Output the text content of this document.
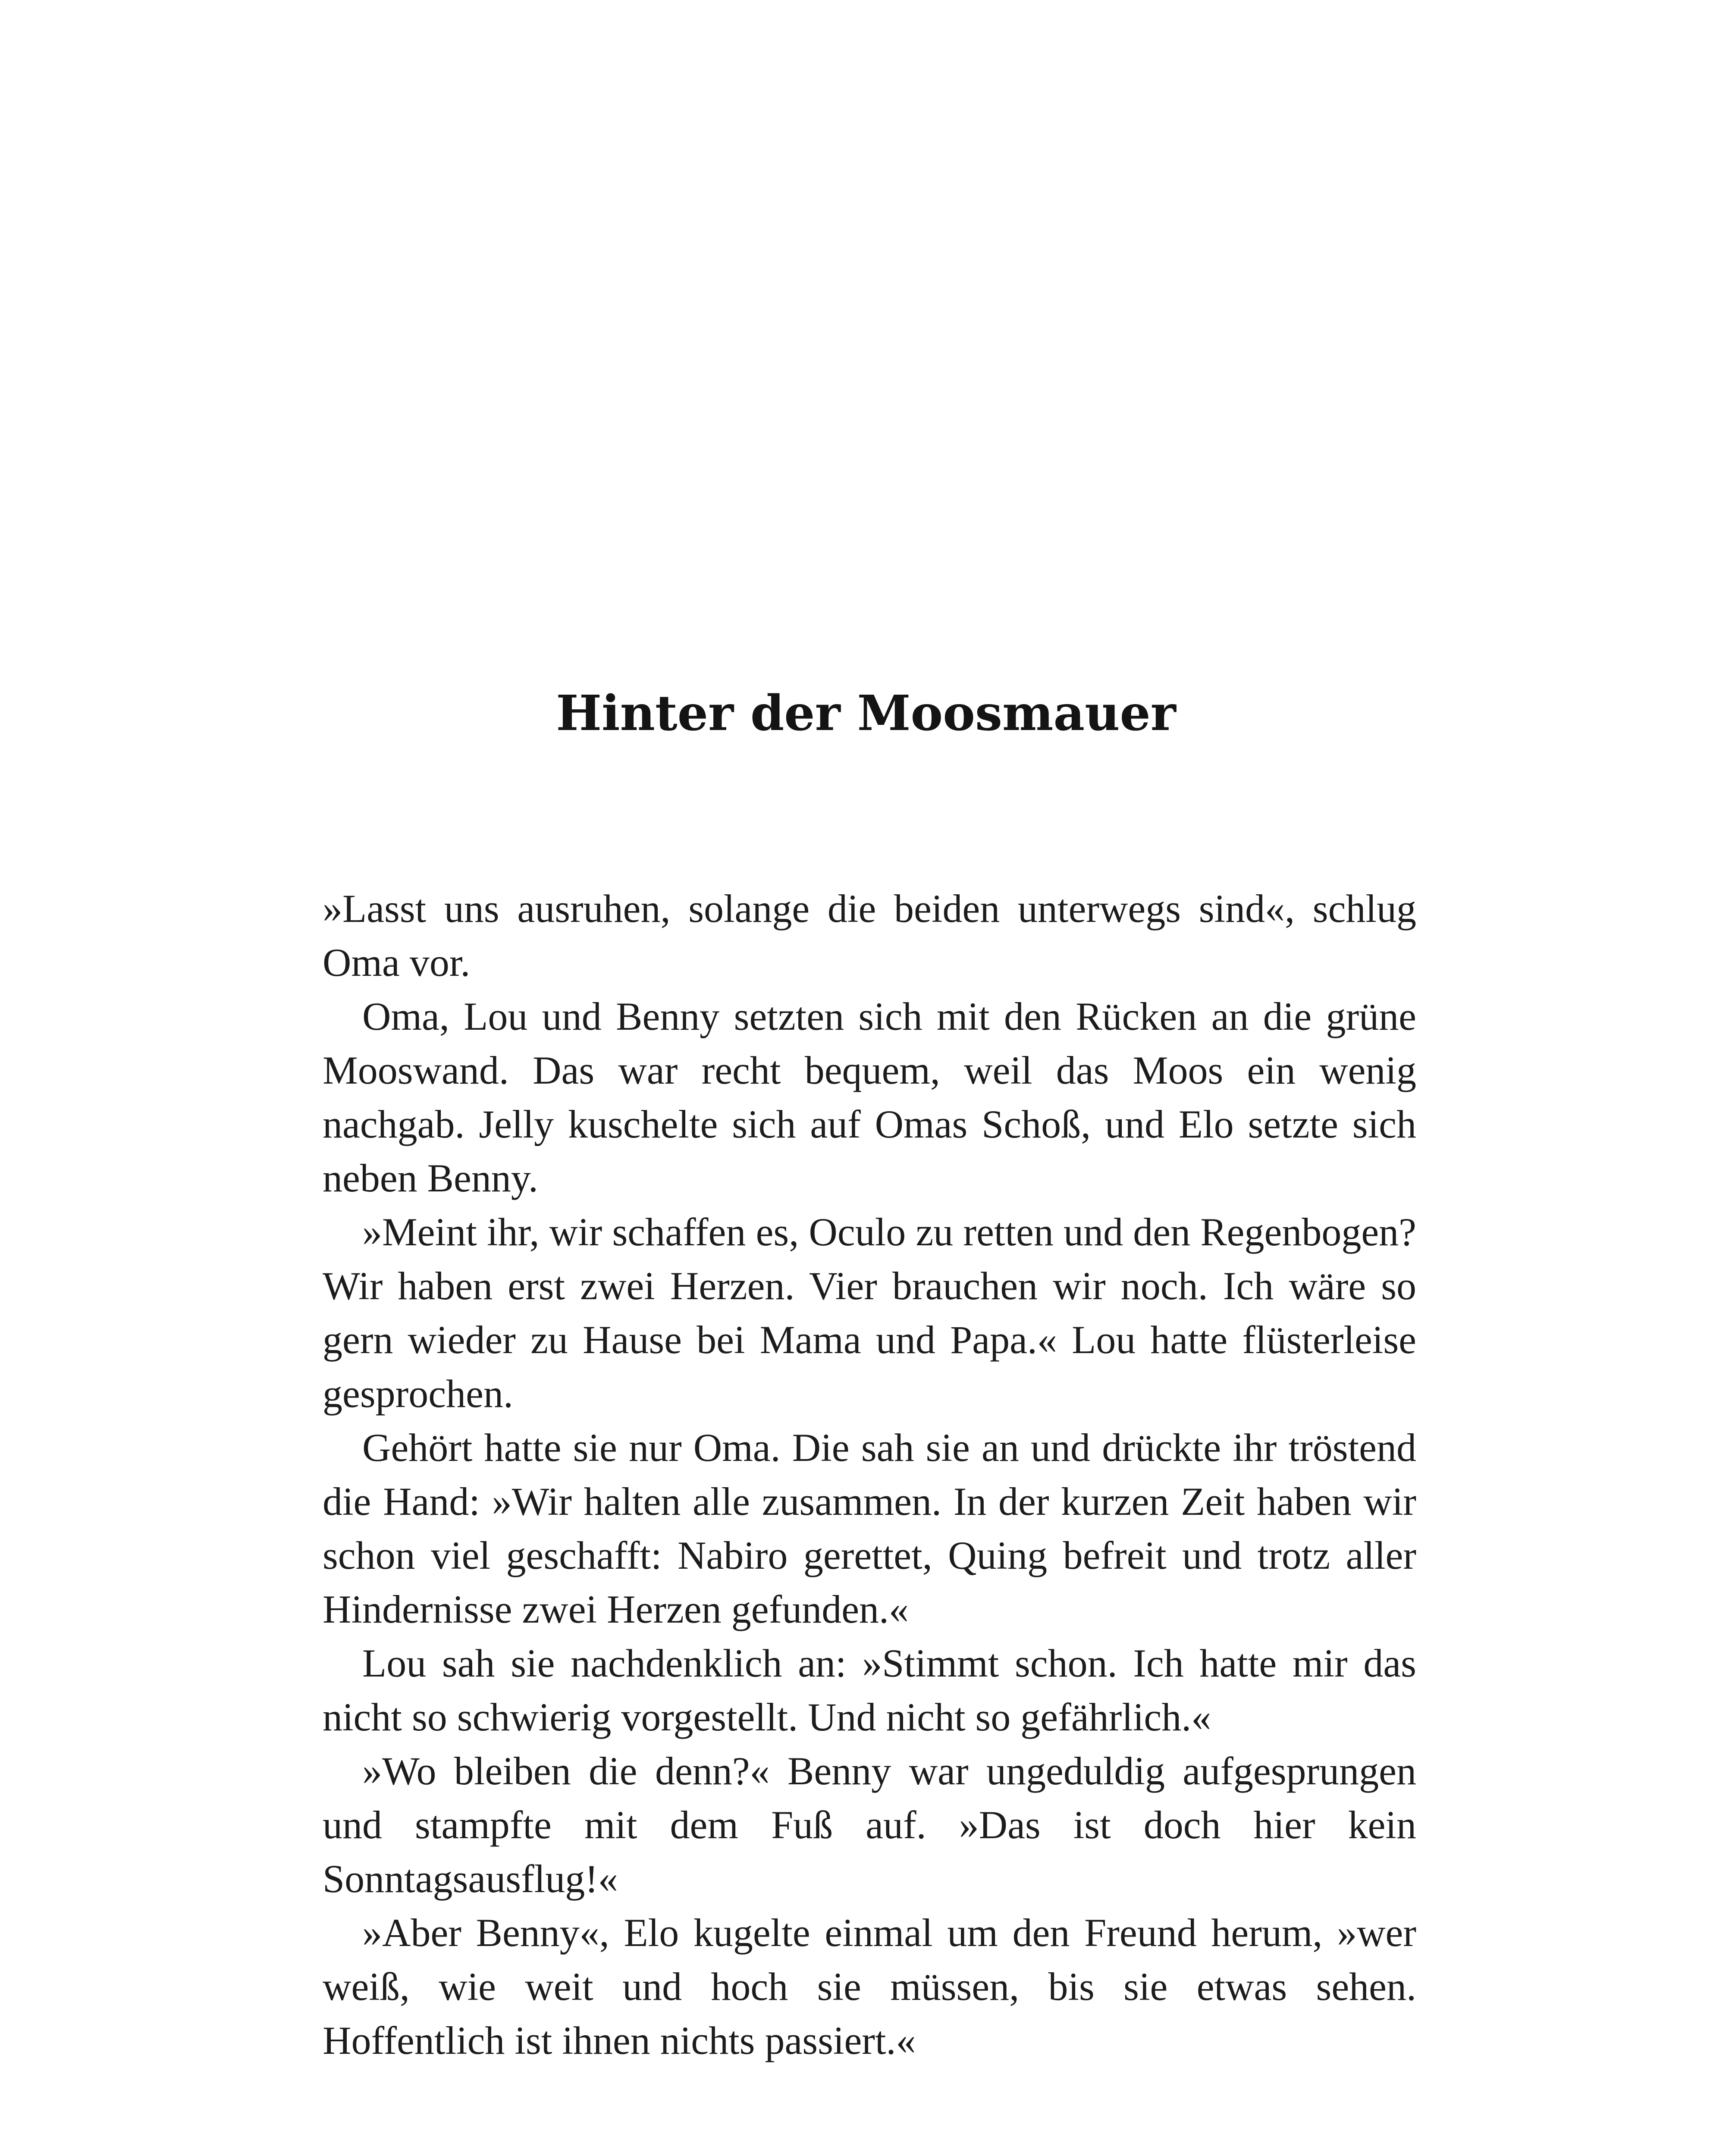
Hinter der Moosmauer

»Lasst uns ausruhen, solange die beiden unterwegs sind«, schlug Oma vor.

Oma, Lou und Benny setzten sich mit den Rücken an die grüne Mooswand. Das war recht bequem, weil das Moos ein wenig nachgab. Jelly kuschelte sich auf Omas Schoß, und Elo setzte sich neben Benny.

»Meint ihr, wir schaffen es, Oculo zu retten und den Regenbogen? Wir haben erst zwei Herzen. Vier brauchen wir noch. Ich wäre so gern wieder zu Hause bei Mama und Papa.« Lou hatte flüsterleise gesprochen.

Gehört hatte sie nur Oma. Die sah sie an und drückte ihr tröstend die Hand: »Wir halten alle zusammen. In der kurzen Zeit haben wir schon viel geschafft: Nabiro gerettet, Quing befreit und trotz aller Hindernisse zwei Herzen gefunden.«

Lou sah sie nachdenklich an: »Stimmt schon. Ich hatte mir das nicht so schwierig vorgestellt. Und nicht so gefährlich.«

»Wo bleiben die denn?« Benny war ungeduldig aufgesprungen und stampfte mit dem Fuß auf. »Das ist doch hier kein Sonntagsausflug!«

»Aber Benny«, Elo kugelte einmal um den Freund herum, »wer weiß, wie weit und hoch sie müssen, bis sie etwas sehen. Hoffentlich ist ihnen nichts passiert.«
